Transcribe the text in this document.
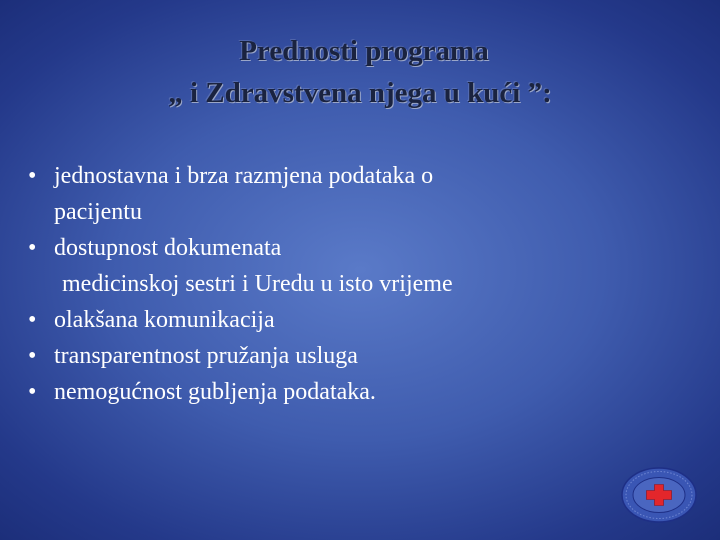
Prednosti programa
„ i Zdravstvena njega u kući ”:
• jednostavna i brza razmjena podataka o
pacijentu
• dostupnost dokumenata
medicinskoj sestri i Uredu u isto vrijeme
• olakšana komunikacija
• transparentnost pružanja usluga
• nemogućnost gubljenja podataka.
